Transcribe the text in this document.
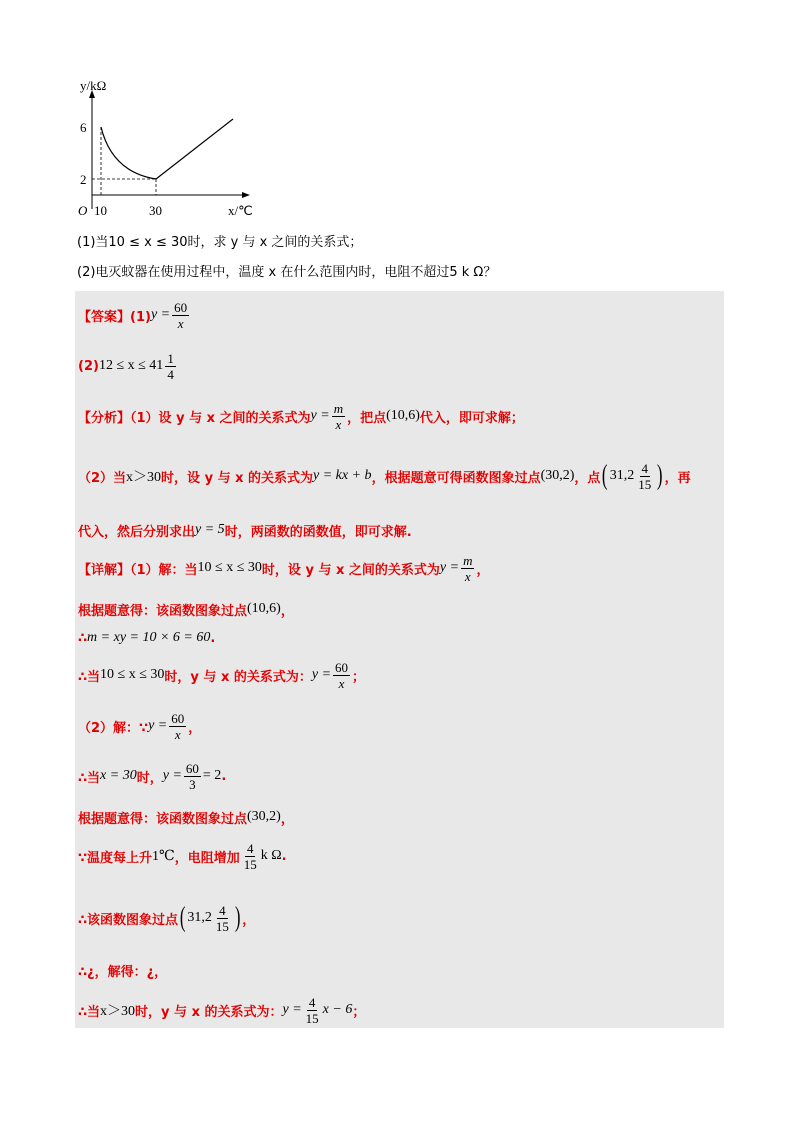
y/kΩ
6
2
O 10	30	x/℃
(1)当10 ≤ x ≤ 30时，求 y 与 x 之间的关系式；
(2)电灭蚊器在使用过程中，温度 x 在什么范围内时，电阻不超过5 k Ω？
【答案】(1) $y = \frac{60}{x}$
(2) $12 \le x \le 41 \frac{1}{4}$
【分析】（1）设 y 与 x 之间的关系式为 $y = \frac{m}{x}$ ，把点 (10,6) 代入，即可求解；
（2）当 x＞30 时，设 y 与 x 的关系式为 y = kx + b ，根据题意可得函数图象过点 (30,2) ，点 ( $31,2 \frac{4}{15}$ ) ，再
代入，然后分别求出 y = 5 时，两函数的函数值，即可求解.
【详解】（1）解：当 10 ≤ x ≤ 30 时，设 y 与 x 之间的关系式为 $y = \frac{m}{x}$ ，
根据题意得：该函数图象过点 (10,6) ，
∴ m = xy = 10 × 6 = 60 .
∴当 10 ≤ x ≤ 30 时，y 与 x 的关系式为： $y = \frac{60}{x}$ ；
（2）解：∵ $y = \frac{60}{x}$ ，
∴当 x = 30 时， $y = \frac{60}{3} = 2$ .
根据题意得：该函数图象过点 (30,2) ，
∵温度每上升 1℃ ，电阻增加 $\frac{4}{15}$ k Ω .
∴该函数图象过点 ( $31,2 \frac{4}{15}$ ) ，
∴¿，解得：¿，
∴当 x＞30 时，y 与 x 的关系式为： $y = \frac{4}{15}$ x − 6 ；
